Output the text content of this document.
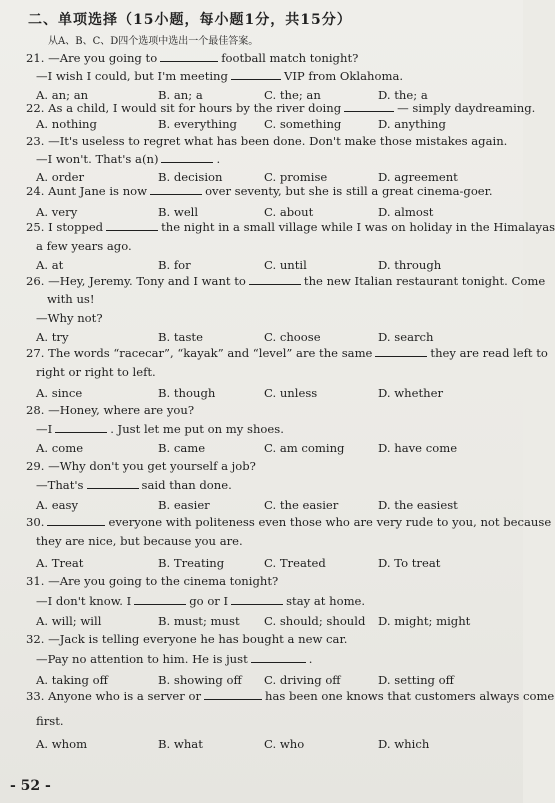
二、单项选择（15小题，每小题1分，共15分）
从A、B、C、D四个选项中选出一个最佳答案。
21. —Are you going to	football match tonight?
—I wish I could, but I'm meeting	VIP from Oklahoma.
A. an; an	B. an; a	C. the; an	D. the; a
22. As a child, I would sit for hours by the river doing	— simply daydreaming.
A. nothing	B. everything C. something	D. anything
23. —It's useless to regret what has been done. Don't make those mistakes again.
—I won't. That's a(n)	.
A. order	B. decision	C. promise	D. agreement
24. Aunt Jane is now	over seventy, but she is still a great cinema-goer.
A. very	B. well	C. about	D. almost
25. I stopped	the night in a small village while I was on holiday in the Himalayas
a few years ago.
A. at	B. for	C. until	D. through
26. —Hey, Jeremy. Tony and I want to	the new Italian restaurant tonight. Come
with us!
—Why not?
A. try	B. taste	C. choose	D. search
27. The words “racecar”, “kayak” and “level” are the same	they are read left to
right or right to left.
A. since	B. though	C. unless	D. whether
28. —Honey, where are you?
—I	. Just let me put on my shoes.
A. come	B. came	C. am coming	D. have come
29. —Why don't you get yourself a job?
—That's	said than done.
A. easy	B. easier	C. the easier	D. the easiest
30.	everyone with politeness even those who are very rude to you, not because
they are nice, but because you are.
A. Treat	B. Treating	C. Treated	D. To treat
31. —Are you going to the cinema tonight?
—I don't know. I	go or I	stay at home.
A. will; will	B. must; must C. should; should D. might; might
32. —Jack is telling everyone he has bought a new car.
—Pay no attention to him. He is just	.
A. taking off	B. showing off C. driving off	D. setting off
33. Anyone who is a server or	has been one knows that customers always come
first.
A. whom	B. what	C. who	D. which
- 52 -
